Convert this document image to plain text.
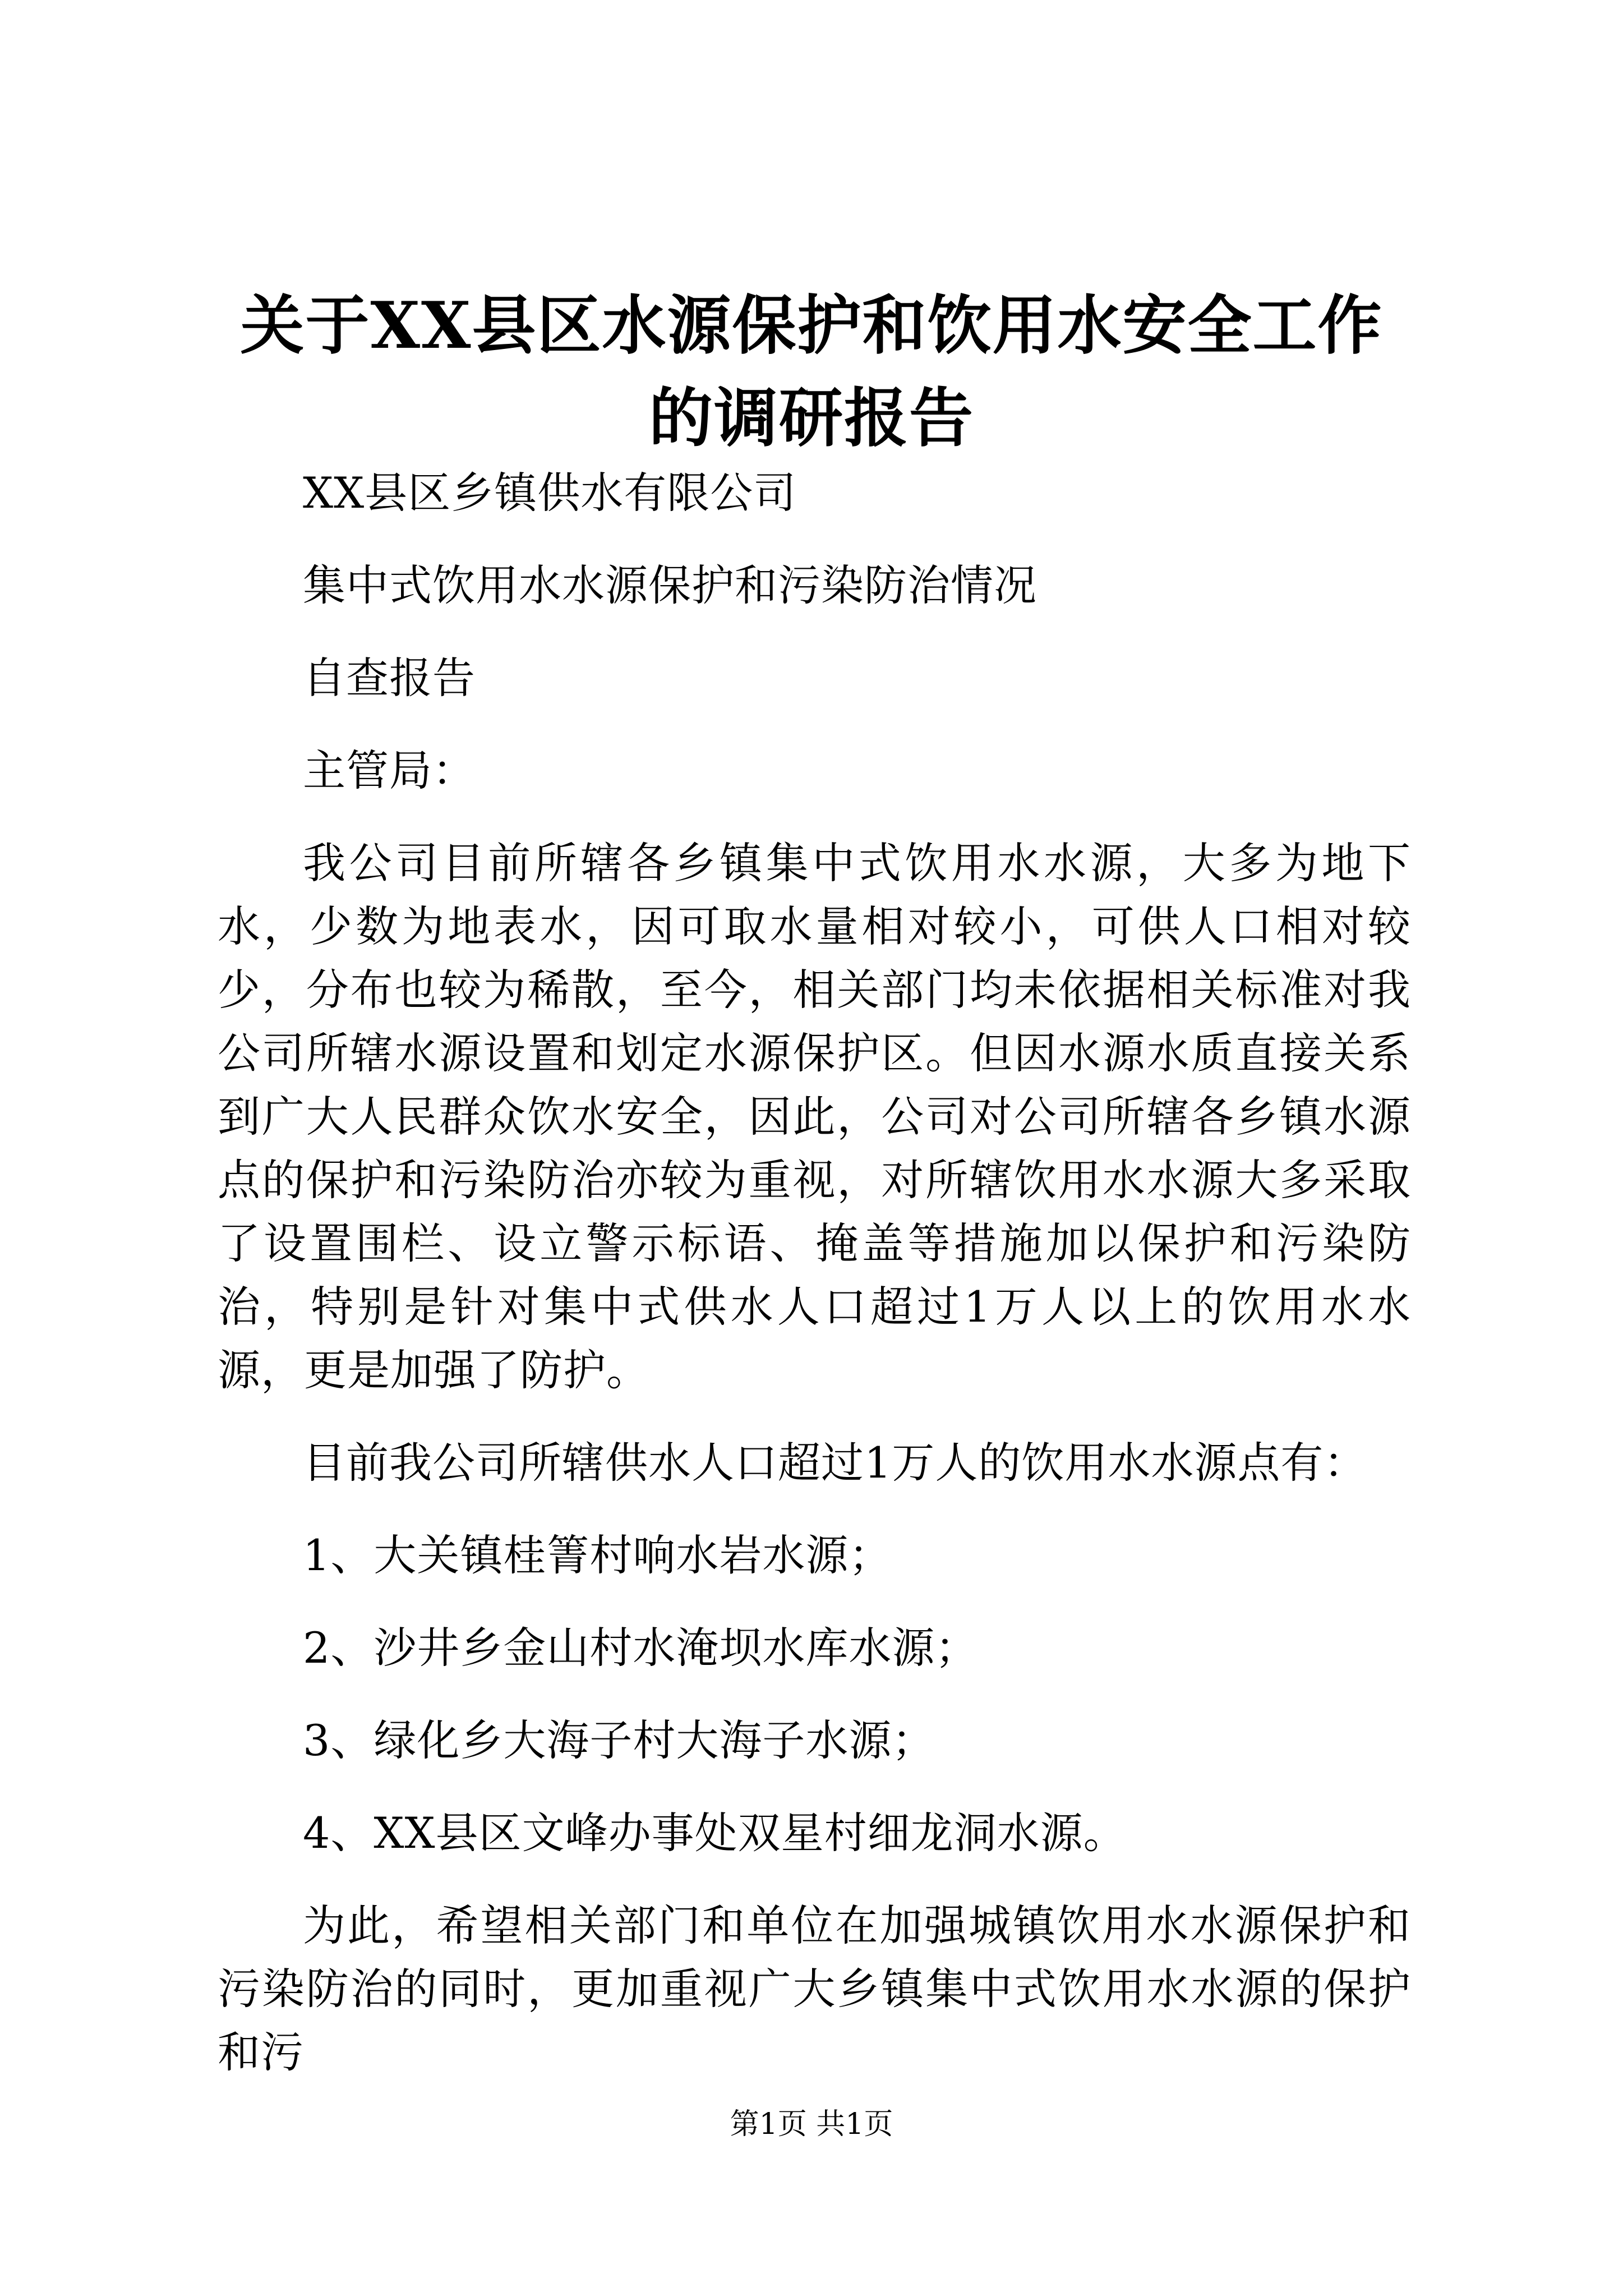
关于XX县区水源保护和饮用水安全工作的调研报告

XX县区乡镇供水有限公司

集中式饮用水水源保护和污染防治情况

自查报告

主管局：

我公司目前所辖各乡镇集中式饮用水水源，大多为地下水，少数为地表水，因可取水量相对较小，可供人口相对较少，分布也较为稀散，至今，相关部门均未依据相关标准对我公司所辖水源设置和划定水源保护区。但因水源水质直接关系到广大人民群众饮水安全，因此，公司对公司所辖各乡镇水源点的保护和污染防治亦较为重视，对所辖饮用水水源大多采取了设置围栏、设立警示标语、掩盖等措施加以保护和污染防治，特别是针对集中式供水人口超过1万人以上的饮用水水源，更是加强了防护。

目前我公司所辖供水人口超过1万人的饮用水水源点有：

1、大关镇桂箐村响水岩水源；

2、沙井乡金山村水淹坝水库水源；

3、绿化乡大海子村大海子水源；

4、XX县区文峰办事处双星村细龙洞水源。

为此，希望相关部门和单位在加强城镇饮用水水源保护和污染防治的同时，更加重视广大乡镇集中式饮用水水源的保护和污

第1页 共1页
